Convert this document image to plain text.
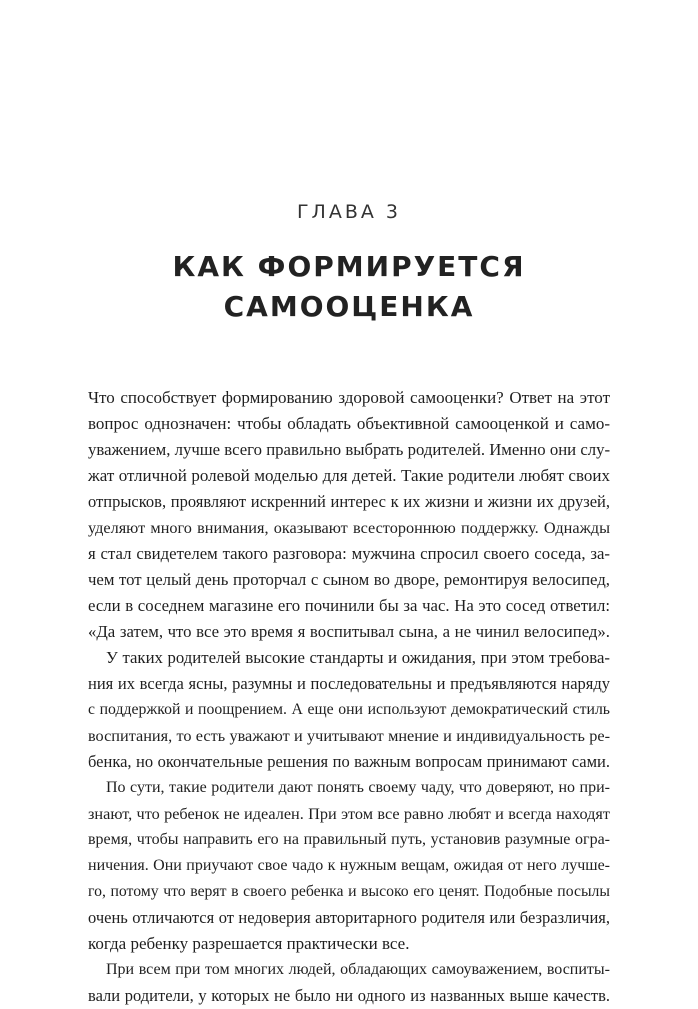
ГЛАВА 3
КАК ФОРМИРУЕТСЯ
САМООЦЕНКА
Что способствует формированию здоровой самооценки? Ответ на этот
вопрос однозначен: чтобы обладать объективной самооценкой и само-
уважением, лучше всего правильно выбрать родителей. Именно они слу-
жат отличной ролевой моделью для детей. Такие родители любят своих
отпрысков, проявляют искренний интерес к их жизни и жизни их друзей,
уделяют много внимания, оказывают всестороннюю поддержку. Однажды
я стал свидетелем такого разговора: мужчина спросил своего соседа, за-
чем тот целый день проторчал с сыном во дворе, ремонтируя велосипед,
если в соседнем магазине его починили бы за час. На это сосед ответил:
«Да затем, что все это время я воспитывал сына, а не чинил велосипед».
У таких родителей высокие стандарты и ожидания, при этом требова-
ния их всегда ясны, разумны и последовательны и предъявляются наряду
с поддержкой и поощрением. А еще они используют демократический стиль
воспитания, то есть уважают и учитывают мнение и индивидуальность ре-
бенка, но окончательные решения по важным вопросам принимают сами.
По сути, такие родители дают понять своему чаду, что доверяют, но при-
знают, что ребенок не идеален. При этом все равно любят и всегда находят
время, чтобы направить его на правильный путь, установив разумные огра-
ничения. Они приучают свое чадо к нужным вещам, ожидая от него лучше-
го, потому что верят в своего ребенка и высоко его ценят. Подобные посылы
очень отличаются от недоверия авторитарного родителя или безразличия,
когда ребенку разрешается практически все.
При всем при том многих людей, обладающих самоуважением, воспиты-
вали родители, у которых не было ни одного из названных выше качеств.
